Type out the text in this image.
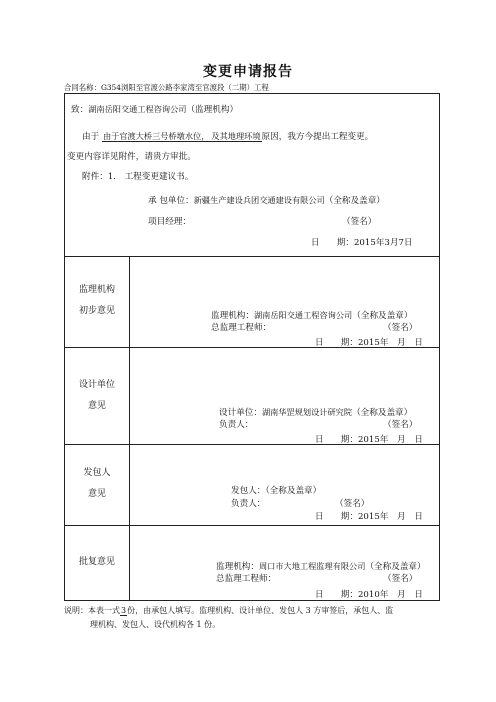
变更申请报告
合同名称：G354浏阳至官渡公路李家湾至官渡段（二期）工程
致：湖南岳阳交通工程咨询公司（监理机构）
由于 由于官渡大桥三号桥墩水位， 及其地理环境原因，我方今提出工程变更。
变更内容详见附件，请贵方审批。
附件：1.　工程变更建议书。
承 包单位：新疆生产建设兵团交通建设有限公司（全称及盖章）
项目经理：	（签名）
日　　期：2015年3月7日
监理机构
初步意见	监理机构：湖南岳阳交通工程咨询公司（全称及盖章）
总监理工程师：	（签名）
日　　期：2015年　月　日
设计单位
意见
设计单位：湖南华罡规划设计研究院（全称及盖章）
负责人：	（签名）
日　　期：2015年　月　日
发包人
意见	发包人：（全称及盖章）
负责人：	（签名）
日　　期：2015年　月　日
批复意见	监理机构：周口市大地工程监理有限公司（全称及盖章）
总监理工程师：	（签名）
日　　期：2010年　月　日
说明：本表一式3份，由承包人填写。监理机构、设计单位、发包人 3 方审签后，承包人、监
理机构、发包人、设代机构各 1 份。
